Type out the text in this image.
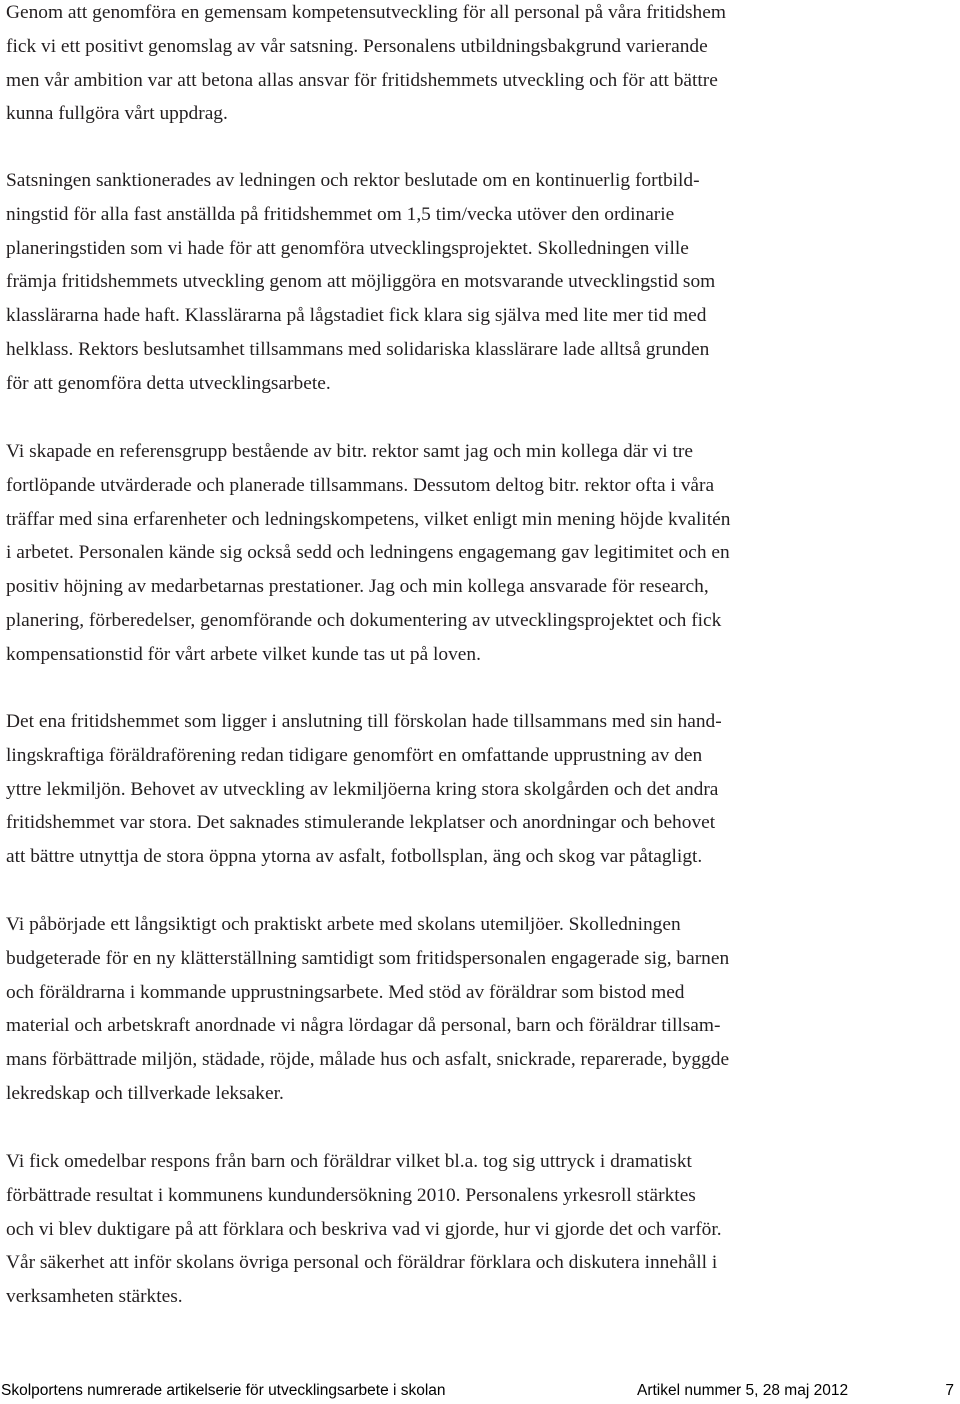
Genom att genomföra en gemensam kompetensutveckling för all personal på våra fritidshem
fick vi ett positivt genomslag av vår satsning. Personalens utbildningsbakgrund varierande
men vår ambition var att betona allas ansvar för fritidshemmets utveckling och för att bättre
kunna fullgöra vårt uppdrag.
Satsningen sanktionerades av ledningen och rektor beslutade om en kontinuerlig fortbild-
ningstid för alla fast anställda på fritidshemmet om 1,5 tim/vecka utöver den ordinarie
planeringstiden som vi hade för att genomföra utvecklingsprojektet. Skolledningen ville
främja fritidshemmets utveckling genom att möjliggöra en motsvarande utvecklingstid som
klasslärarna hade haft. Klasslärarna på lågstadiet fick klara sig själva med lite mer tid med
helklass. Rektors beslutsamhet tillsammans med solidariska klasslärare lade alltså grunden
för att genomföra detta utvecklingsarbete.
Vi skapade en referensgrupp bestående av bitr. rektor samt jag och min kollega där vi tre
fortlöpande utvärderade och planerade tillsammans. Dessutom deltog bitr. rektor ofta i våra
träffar med sina erfarenheter och ledningskompetens, vilket enligt min mening höjde kvalitén
i arbetet. Personalen kände sig också sedd och ledningens engagemang gav legitimitet och en
positiv höjning av medarbetarnas prestationer. Jag och min kollega ansvarade för research,
planering, förberedelser, genomförande och dokumentering av utvecklingsprojektet och fick
kompensationstid för vårt arbete vilket kunde tas ut på loven.
Det ena fritidshemmet som ligger i anslutning till förskolan hade tillsammans med sin hand-
lingskraftiga föräldraförening redan tidigare genomfört en omfattande upprustning av den
yttre lekmiljön. Behovet av utveckling av lekmiljöerna kring stora skolgården och det andra
fritidshemmet var stora. Det saknades stimulerande lekplatser och anordningar och behovet
att bättre utnyttja de stora öppna ytorna av asfalt, fotbollsplan, äng och skog var påtagligt.
Vi påbörjade ett långsiktigt och praktiskt arbete med skolans utemiljöer. Skolledningen
budgeterade för en ny klätterställning samtidigt som fritidspersonalen engagerade sig, barnen
och föräldrarna i kommande upprustningsarbete. Med stöd av föräldrar som bistod med
material och arbetskraft anordnade vi några lördagar då personal, barn och föräldrar tillsam-
mans förbättrade miljön, städade, röjde, målade hus och asfalt, snickrade, reparerade, byggde
lekredskap och tillverkade leksaker.
Vi fick omedelbar respons från barn och föräldrar vilket bl.a. tog sig uttryck i dramatiskt
förbättrade resultat i kommunens kundundersökning 2010. Personalens yrkesroll stärktes
och vi blev duktigare på att förklara och beskriva vad vi gjorde, hur vi gjorde det och varför.
Vår säkerhet att inför skolans övriga personal och föräldrar förklara och diskutera innehåll i
verksamheten stärktes.
Skolportens numrerade artikelserie för utvecklingsarbete i skolan	Artikel nummer 5, 28 maj 2012	7
